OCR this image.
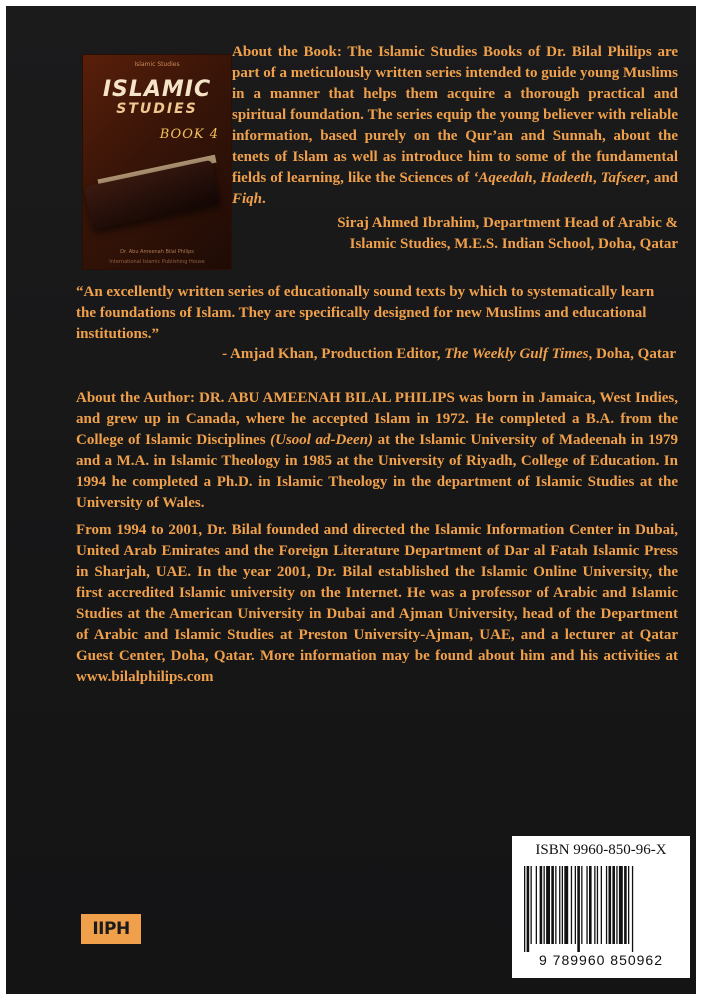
Islamic Studies
ISLAMIC
STUDIES
BOOK 4
Dr. Abu Ameenah Bilal Philips
International Islamic Publishing House

About the Book: The Islamic Studies Books of Dr. Bilal Philips are part of a meticulously written series intended to guide young Muslims in a manner that helps them acquire a thorough practical and spiritual foundation. The series equip the young believer with reliable information, based purely on the Qur’an and Sunnah, about the tenets of Islam as well as introduce him to some of the fundamental fields of learning, like the Sciences of ‘Aqeedah, Hadeeth, Tafseer, and Fiqh.

Siraj Ahmed Ibrahim, Department Head of Arabic &
Islamic Studies, M.E.S. Indian School, Doha, Qatar

“An excellently written series of educationally sound texts by which to systematically learn the foundations of Islam. They are specifically designed for new Muslims and educational institutions.”

- Amjad Khan, Production Editor, The Weekly Gulf Times, Doha, Qatar

About the Author: DR. ABU AMEENAH BILAL PHILIPS was born in Jamaica, West Indies, and grew up in Canada, where he accepted Islam in 1972. He completed a B.A. from the College of Islamic Disciplines (Usool ad-Deen) at the Islamic University of Madeenah in 1979 and a M.A. in Islamic Theology in 1985 at the University of Riyadh, College of Education. In 1994 he completed a Ph.D. in Islamic Theology in the department of Islamic Studies at the University of Wales.

From 1994 to 2001, Dr. Bilal founded and directed the Islamic Information Center in Dubai, United Arab Emirates and the Foreign Literature Department of Dar al Fatah Islamic Press in Sharjah, UAE. In the year 2001, Dr. Bilal established the Islamic Online University, the first accredited Islamic university on the Internet. He was a professor of Arabic and Islamic Studies at the American University in Dubai and Ajman University, head of the Department of Arabic and Islamic Studies at Preston University-Ajman, UAE, and a lecturer at Qatar Guest Center, Doha, Qatar. More information may be found about him and his activities at www.bilalphilips.com

ISBN 9960-850-96-X
9 789960 850962
IIPH
